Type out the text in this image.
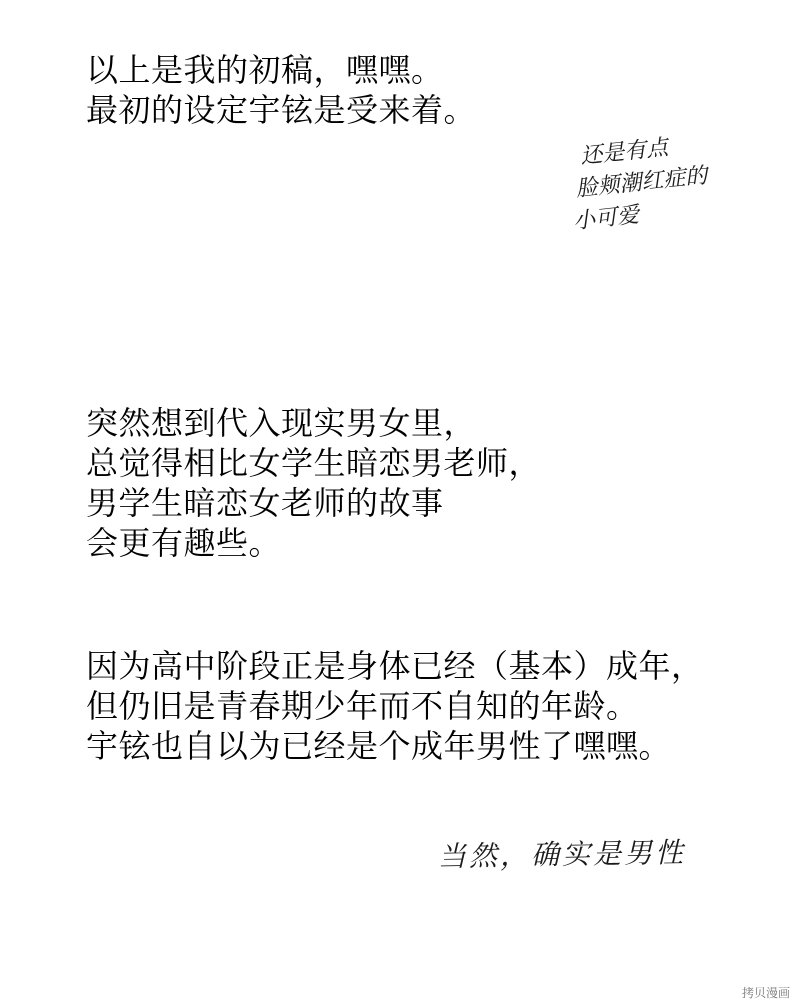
以上是我的初稿，嘿嘿。
最初的设定宇铉是受来着。
还是有点
脸颊潮红症的
小可爱
突然想到代入现实男女里，
总觉得相比女学生暗恋男老师，
男学生暗恋女老师的故事
会更有趣些。
因为高中阶段正是身体已经（基本）成年，
但仍旧是青春期少年而不自知的年龄。
宇铉也自以为已经是个成年男性了嘿嘿。
当然，确实是男性
拷贝漫画
